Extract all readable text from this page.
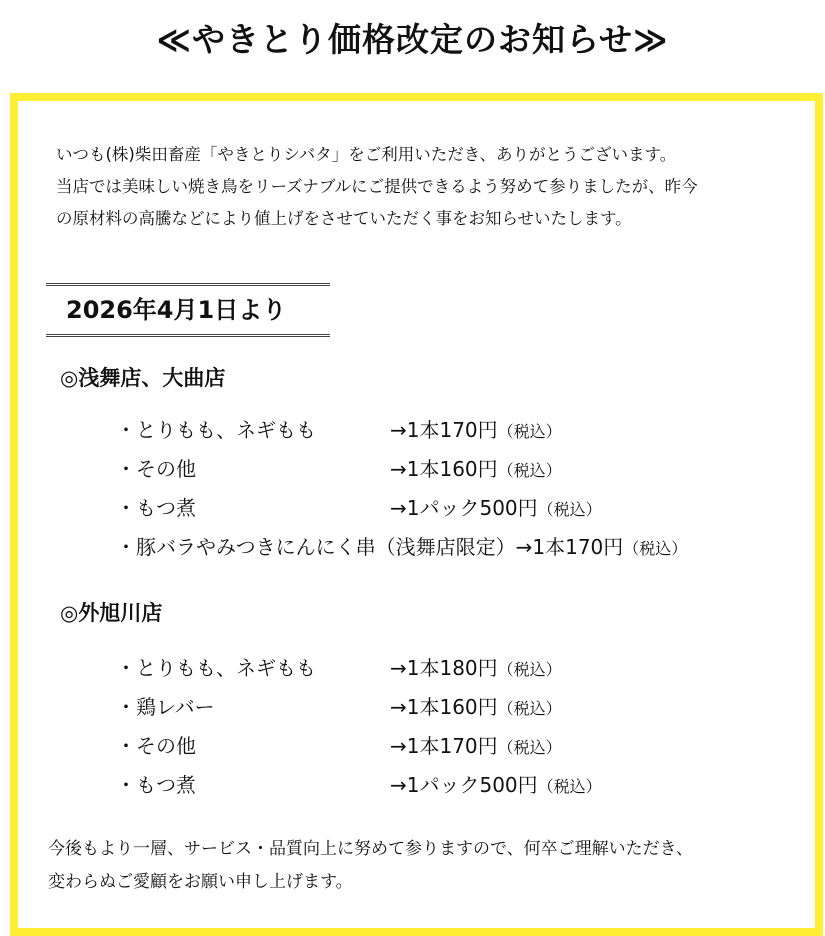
≪やきとり価格改定のお知らせ≫
いつも(株)柴田畜産「やきとりシバタ」をご利用いただき、ありがとうございます。
当店では美味しい焼き鳥をリーズナブルにご提供できるよう努めて参りましたが、昨今
の原材料の高騰などにより値上げをさせていただく事をお知らせいたします。
2026年4月1日より
◎浅舞店、大曲店
・とりもも、ネギもも	→1本170円（税込）
・その他	→1本160円（税込）
・もつ煮	→1パック500円（税込）
・豚バラやみつきにんにく串（浅舞店限定）→1本170円（税込）
◎外旭川店
・とりもも、ネギもも	→1本180円（税込）
・鶏レバー	→1本160円（税込）
・その他	→1本170円（税込）
・もつ煮	→1パック500円（税込）
今後もより一層、サービス・品質向上に努めて参りますので、何卒ご理解いただき、
変わらぬご愛顧をお願い申し上げます。
